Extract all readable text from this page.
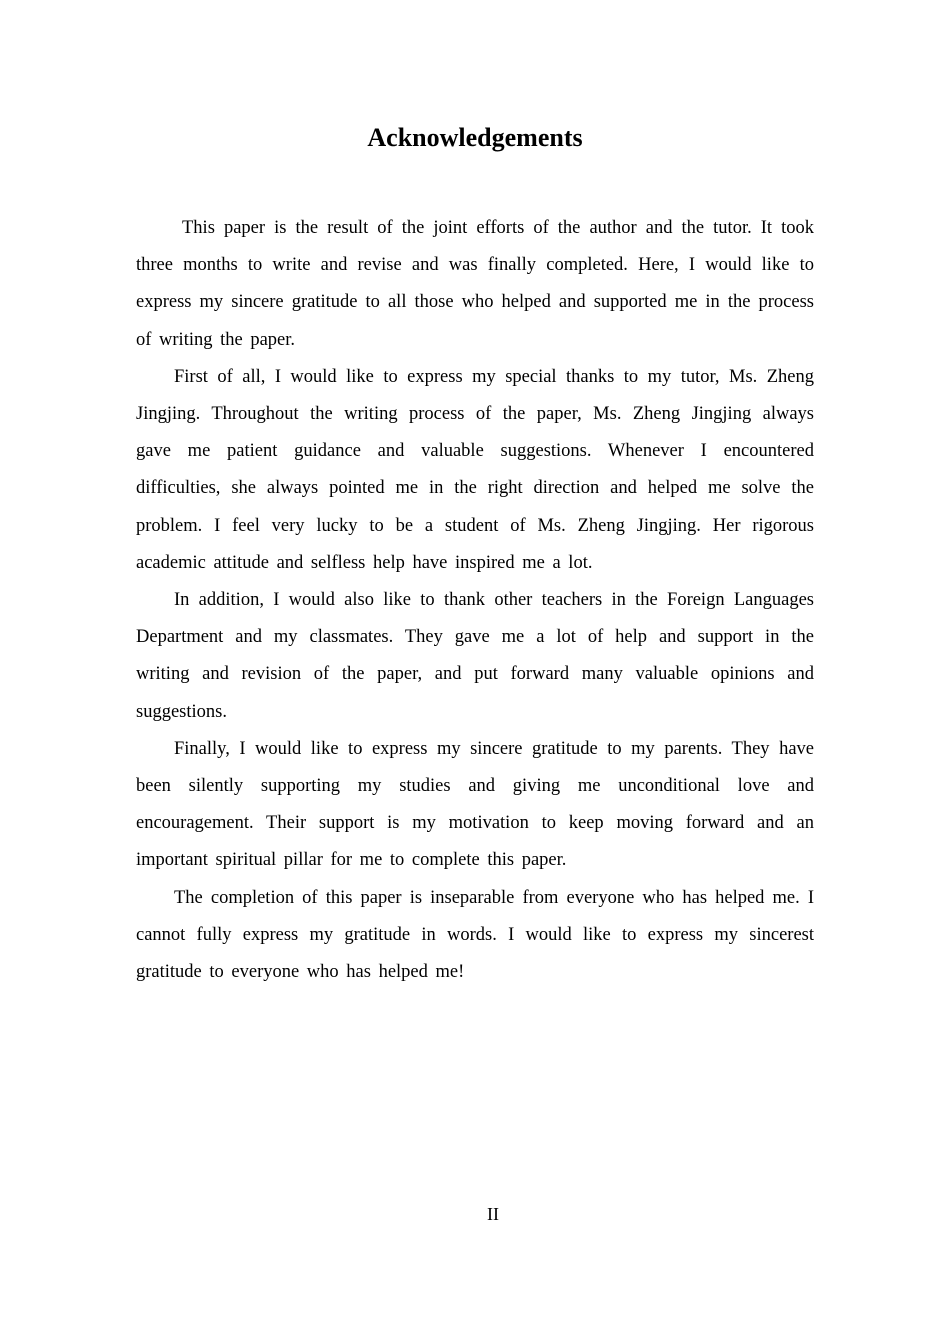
Acknowledgements

This paper is the result of the joint efforts of the author and the tutor. It took three months to write and revise and was finally completed. Here, I would like to express my sincere gratitude to all those who helped and supported me in the process of writing the paper.

First of all, I would like to express my special thanks to my tutor, Ms. Zheng Jingjing. Throughout the writing process of the paper, Ms. Zheng Jingjing always gave me patient guidance and valuable suggestions. Whenever I encountered difficulties, she always pointed me in the right direction and helped me solve the problem. I feel very lucky to be a student of Ms. Zheng Jingjing. Her rigorous academic attitude and selfless help have inspired me a lot.

In addition, I would also like to thank other teachers in the Foreign Languages Department and my classmates. They gave me a lot of help and support in the writing and revision of the paper, and put forward many valuable opinions and suggestions.

Finally, I would like to express my sincere gratitude to my parents. They have been silently supporting my studies and giving me unconditional love and encouragement. Their support is my motivation to keep moving forward and an important spiritual pillar for me to complete this paper.

The completion of this paper is inseparable from everyone who has helped me. I cannot fully express my gratitude in words. I would like to express my sincerest gratitude to everyone who has helped me!

II
